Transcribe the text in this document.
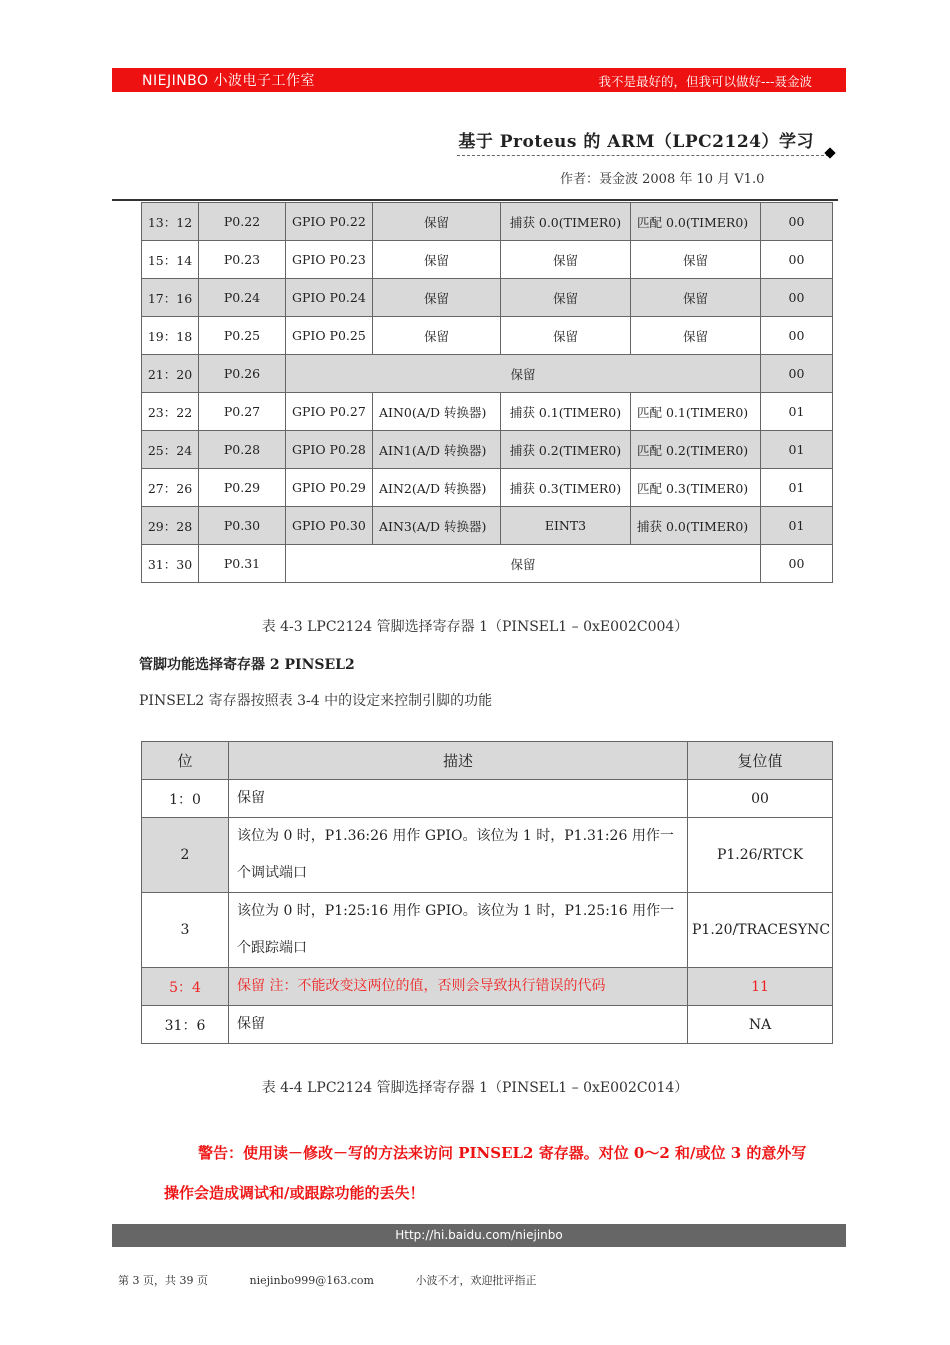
NIEJINBO 小波电子工作室	我不是最好的，但我可以做好---聂金波
基于 Proteus 的 ARM（LPC2124）学习
作者：聂金波 2008 年 10 月 V1.0
13：12	P0.22	GPIO P0.22	保留	捕获 0.0(TIMER0)	匹配 0.0(TIMER0)	00
15：14	P0.23	GPIO P0.23	保留	保留	保留	00
17：16	P0.24	GPIO P0.24	保留	保留	保留	00
19：18	P0.25	GPIO P0.25	保留	保留	保留	00
21：20	P0.26	保留				00
23：22	P0.27	GPIO P0.27	AIN0(A/D 转换器)	捕获 0.1(TIMER0)	匹配 0.1(TIMER0)	01
25：24	P0.28	GPIO P0.28	AIN1(A/D 转换器)	捕获 0.2(TIMER0)	匹配 0.2(TIMER0)	01
27：26	P0.29	GPIO P0.29	AIN2(A/D 转换器)	捕获 0.3(TIMER0)	匹配 0.3(TIMER0)	01
29：28	P0.30	GPIO P0.30	AIN3(A/D 转换器)	EINT3	捕获 0.0(TIMER0)	01
31：30	P0.31	保留				00
表 4-3 LPC2124 管脚选择寄存器 1（PINSEL1 – 0xE002C004）
管脚功能选择寄存器 2 PINSEL2
PINSEL2 寄存器按照表 3-4 中的设定来控制引脚的功能
位	描述	复位值
1：0	保留	00
2	该位为 0 时，P1.36:26 用作 GPIO。该位为 1 时，P1.31:26 用作一个调试端口	P1.26/RTCK
3	该位为 0 时，P1:25:16 用作 GPIO。该位为 1 时，P1.25:16 用作一个跟踪端口	P1.20/TRACESYNC
5：4	保留 注：不能改变这两位的值，否则会导致执行错误的代码	11
31：6	保留	NA
表 4-4 LPC2124 管脚选择寄存器 1（PINSEL1 – 0xE002C014）
警告：使用读－修改－写的方法来访问 PINSEL2 寄存器。对位 0～2 和/或位 3 的意外写
操作会造成调试和/或跟踪功能的丢失！
Http://hi.baidu.com/niejinbo
第 3 页，共 39 页	niejinbo999@163.com	小波不才，欢迎批评指正
